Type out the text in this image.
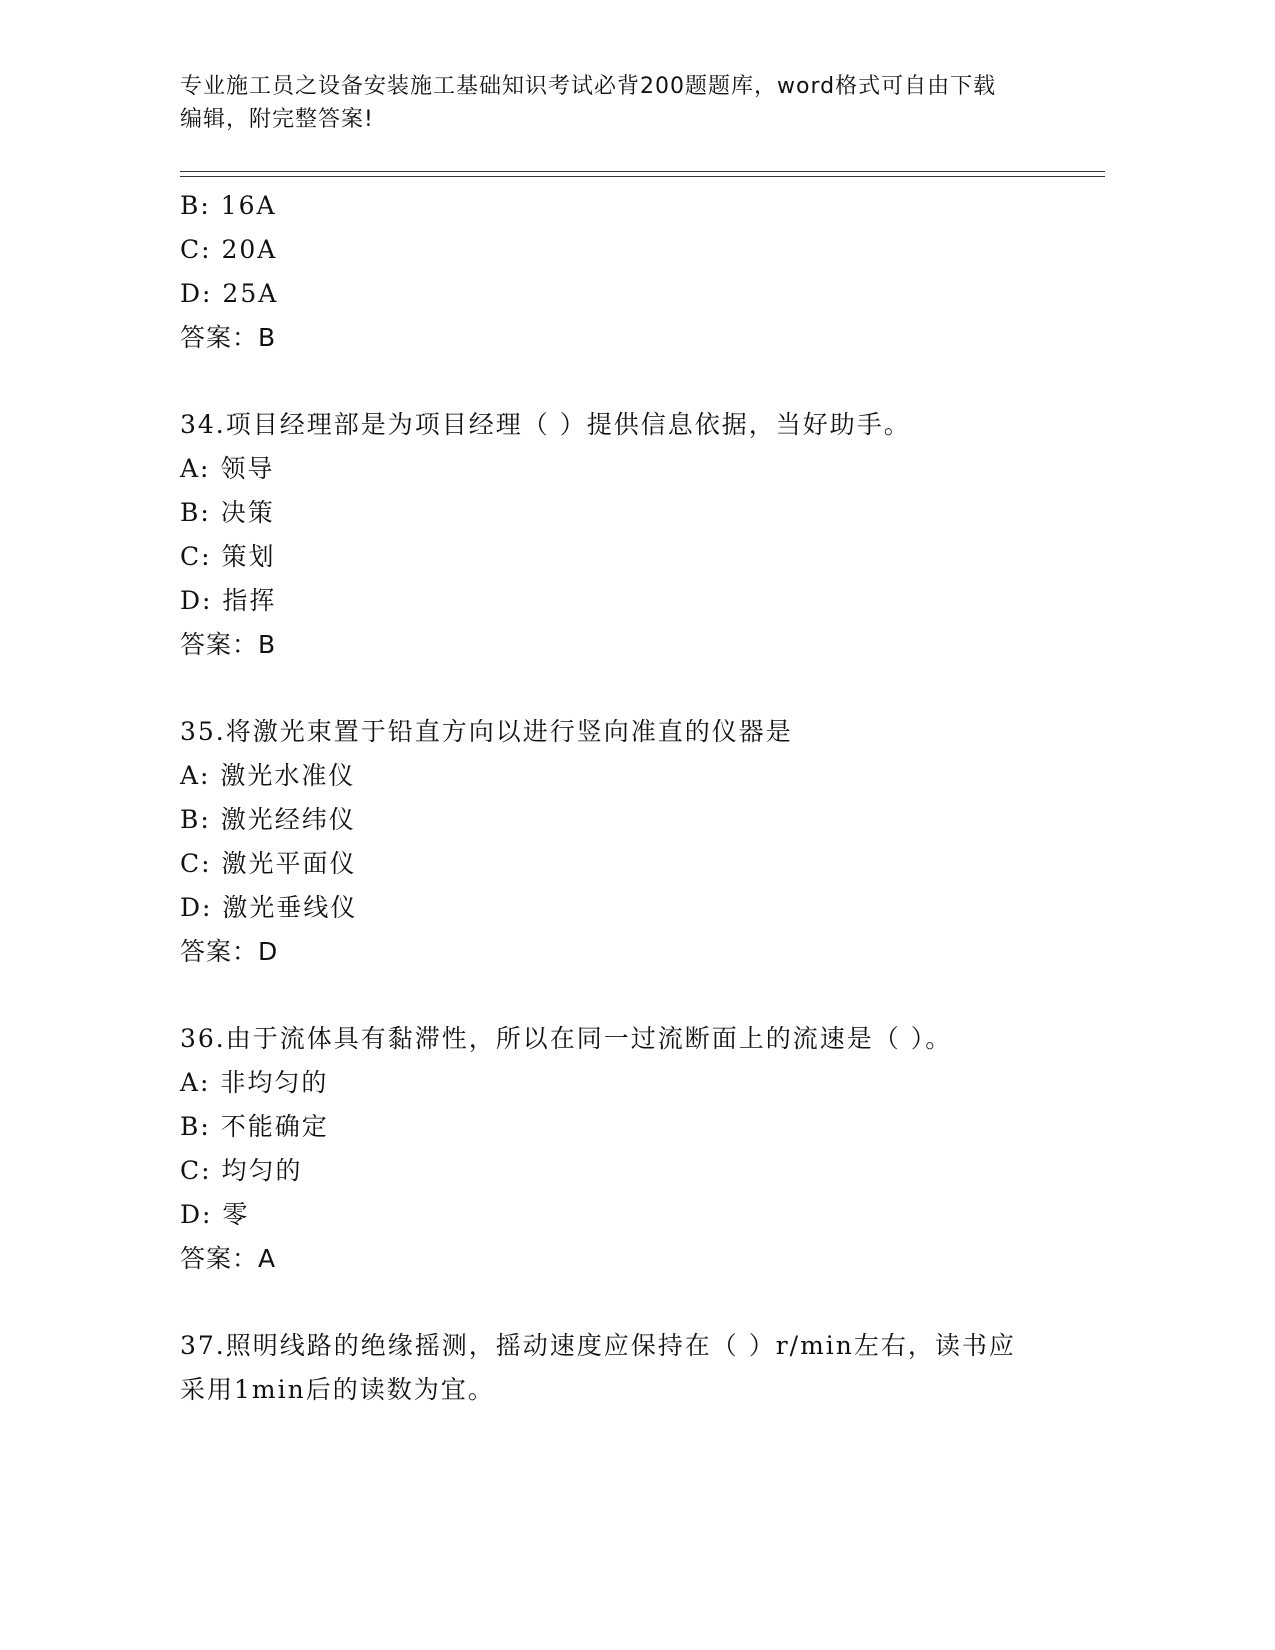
专业施工员之设备安装施工基础知识考试必背200题题库，word格式可自由下载
编辑，附完整答案!
B: 16A
C: 20A
D: 25A
答案：B
34.项目经理部是为项目经理（ ）提供信息依据，当好助手。
A: 领导
B: 决策
C: 策划
D: 指挥
答案：B
35.将激光束置于铅直方向以进行竖向准直的仪器是
A: 激光水准仪
B: 激光经纬仪
C: 激光平面仪
D: 激光垂线仪
答案：D
36.由于流体具有黏滞性，所以在同一过流断面上的流速是（ ）。
A: 非均匀的
B: 不能确定
C: 均匀的
D: 零
答案：A
37.照明线路的绝缘摇测，摇动速度应保持在（ ）r/min左右，读书应
采用1min后的读数为宜。
